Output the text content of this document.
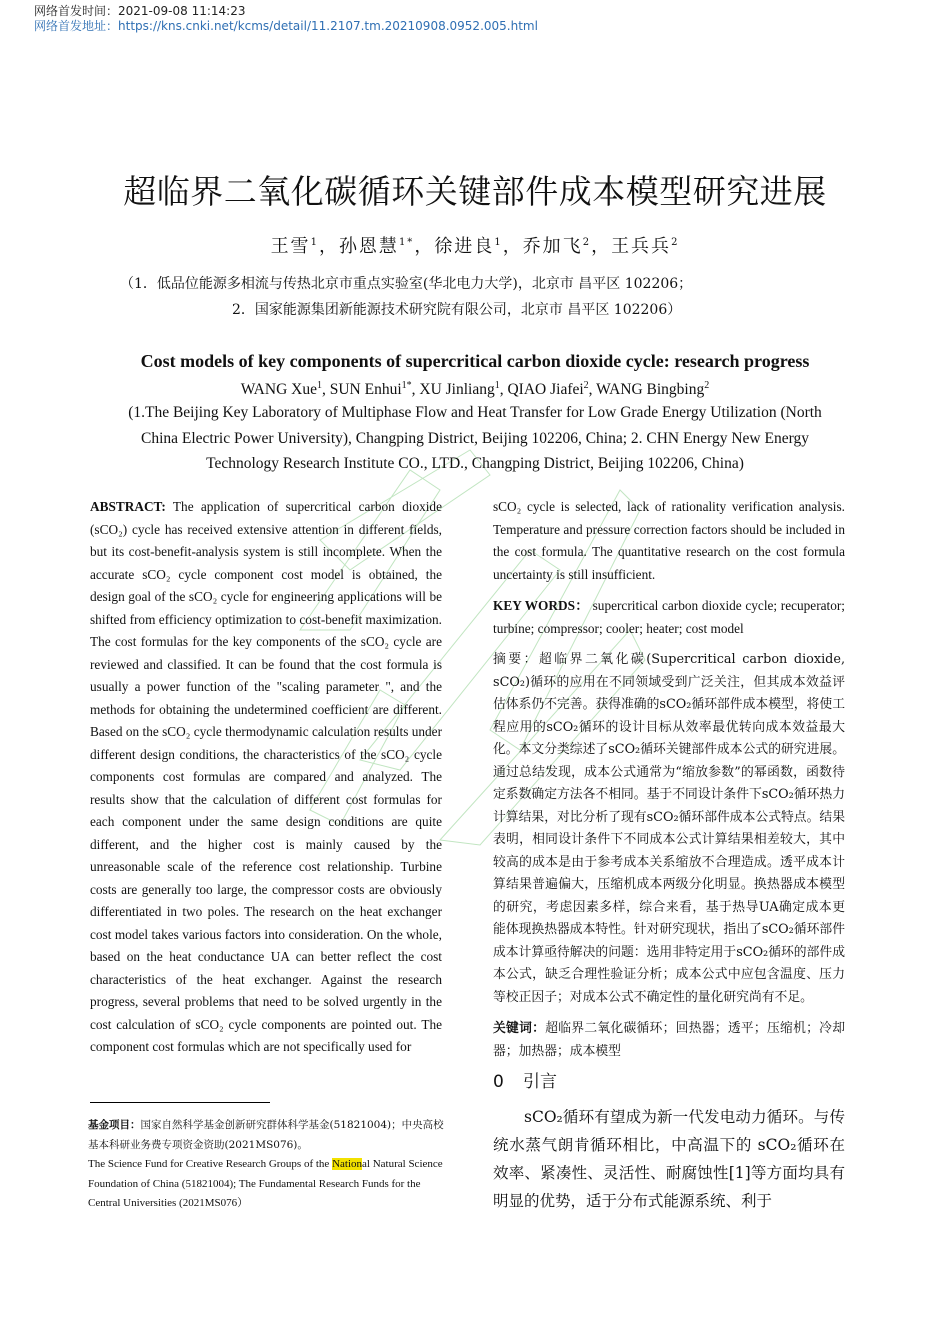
网络首发时间：2021-09-08 11:14:23
网络首发地址：https://kns.cnki.net/kcms/detail/11.2107.tm.20210908.0952.005.html
超临界二氧化碳循环关键部件成本模型研究进展
王雪$^1$，孙恩慧$^{1*}$，徐进良$^1$，乔加飞$^2$，王兵兵$^2$
（1．低品位能源多相流与传热北京市重点实验室(华北电力大学)，北京市 昌平区 102206；
2．国家能源集团新能源技术研究院有限公司，北京市 昌平区 102206）
Cost models of key components of supercritical carbon dioxide cycle: research progress
WANG Xue$^1$, SUN Enhui$^{1*}$, XU Jinliang$^1$, QIAO Jiafei$^2$, WANG Bingbing$^2$
(1.The Beijing Key Laboratory of Multiphase Flow and Heat Transfer for Low Grade Energy Utilization (North
China Electric Power University), Changping District, Beijing 102206, China; 2. CHN Energy New Energy
Technology Research Institute CO., LTD., Changping District, Beijing 102206, China)

ABSTRACT: The application of supercritical carbon dioxide (sCO₂) cycle has received extensive attention in different fields, but its cost-benefit-analysis system is still incomplete. When the accurate sCO₂ cycle component cost model is obtained, the design goal of the sCO₂ cycle for engineering applications will be shifted from efficiency optimization to cost-benefit maximization. The cost formulas for the key components of the sCO₂ cycle are reviewed and classified. It can be found that the cost formula is usually a power function of the "scaling parameter ", and the methods for obtaining the undetermined coefficient are different. Based on the sCO₂ cycle thermodynamic calculation results under different design conditions, the characteristics of the sCO₂ cycle components cost formulas are compared and analyzed. The results show that the calculation of different cost formulas for each component under the same design conditions are quite different, and the higher cost is mainly caused by the unreasonable scale of the reference cost relationship. Turbine costs are generally too large, the compressor costs are obviously differentiated in two poles. The research on the heat exchanger cost model takes various factors into consideration. On the whole, based on the heat conductance UA can better reflect the cost characteristics of the heat exchanger. Against the research progress, several problems that need to be solved urgently in the cost calculation of sCO₂ cycle components are pointed out. The component cost formulas which are not specifically used for

基金项目：国家自然科学基金创新研究群体科学基金(51821004)；中央高校基本科研业务费专项资金资助(2021MS076)。

The Science Fund for Creative Research Groups of the National Natural Science Foundation of China (51821004); The Fundamental Research Funds for the Central Universities (2021MS076）

sCO₂ cycle is selected, lack of rationality verification analysis. Temperature and pressure correction factors should be included in the cost formula. The quantitative research on the cost formula uncertainty is still insufficient.

KEY WORDS： supercritical carbon dioxide cycle; recuperator; turbine; compressor; cooler; heater; cost model

摘要：超临界二氧化碳(Supercritical carbon dioxide, sCO₂)循环的应用在不同领域受到广泛关注，但其成本效益评估体系仍不完善。获得准确的sCO₂循环部件成本模型，将使工程应用的sCO₂循环的设计目标从效率最优转向成本效益最大化。本文分类综述了sCO₂循环关键部件成本公式的研究进展。通过总结发现，成本公式通常为“缩放参数”的幂函数，函数待定系数确定方法各不相同。基于不同设计条件下sCO₂循环热力计算结果，对比分析了现有sCO₂循环部件成本公式特点。结果表明，相同设计条件下不同成本公式计算结果相差较大，其中较高的成本是由于参考成本关系缩放不合理造成。透平成本计算结果普遍偏大，压缩机成本两级分化明显。换热器成本模型的研究，考虑因素多样，综合来看，基于热导UA确定成本更能体现换热器成本特性。针对研究现状，指出了sCO₂循环部件成本计算亟待解决的问题：选用非特定用于sCO₂循环的部件成本公式，缺乏合理性验证分析；成本公式中应包含温度、压力等校正因子；对成本公式不确定性的量化研究尚有不足。

关键词：超临界二氧化碳循环；回热器；透平；压缩机；冷却器；加热器；成本模型

0 引言

sCO₂循环有望成为新一代发电动力循环。与传统水蒸气朗肯循环相比，中高温下的 sCO₂循环在效率、紧凑性、灵活性、耐腐蚀性[1]等方面均具有明显的优势，适于分布式能源系统、利于
